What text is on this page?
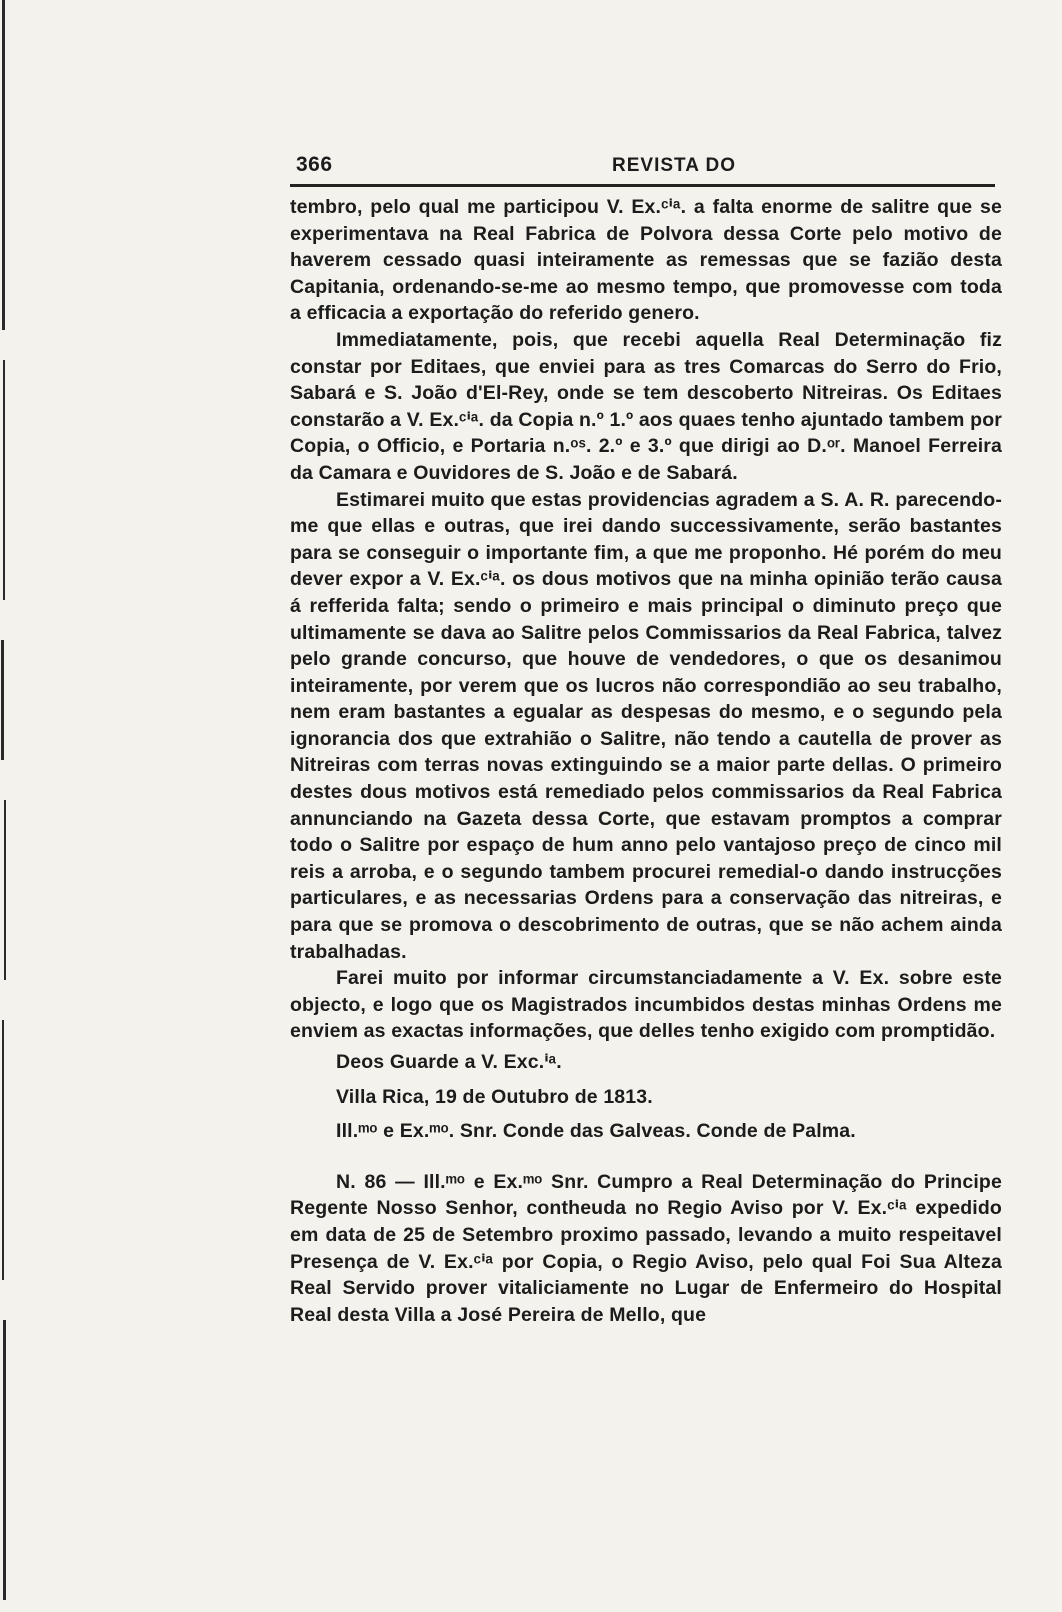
366	REVISTA DO

tembro, pelo qual me participou V. Ex.ᶜⁱᵃ. a falta enorme de salitre que se experimentava na Real Fabrica de Polvora dessa Corte pelo motivo de haverem cessado quasi inteiramente as remessas que se fazião desta Capitania, ordenando-se-me ao mesmo tempo, que promovesse com toda a efficacia a exportação do referido genero.

Immediatamente, pois, que recebi aquella Real Determinação fiz constar por Editaes, que enviei para as tres Comarcas do Serro do Frio, Sabará e S. João d'El-Rey, onde se tem descoberto Nitreiras. Os Editaes constarão a V. Ex.ᶜⁱᵃ. da Copia n.º 1.º aos quaes tenho ajuntado tambem por Copia, o Officio, e Portaria n.ᵒˢ. 2.º e 3.º que dirigi ao D.ᵒʳ. Manoel Ferreira da Camara e Ouvidores de S. João e de Sabará.

Estimarei muito que estas providencias agradem a S. A. R. parecendo-me que ellas e outras, que irei dando successivamente, serão bastantes para se conseguir o importante fim, a que me proponho. Hé porém do meu dever expor a V. Ex.ᶜⁱᵃ. os dous motivos que na minha opinião terão causa á refferida falta; sendo o primeiro e mais principal o diminuto preço que ultimamente se dava ao Salitre pelos Commissarios da Real Fabrica, talvez pelo grande concurso, que houve de vendedores, o que os desanimou inteiramente, por verem que os lucros não correspondião ao seu trabalho, nem eram bastantes a egualar as despesas do mesmo, e o segundo pela ignorancia dos que extrahião o Salitre, não tendo a cautella de prover as Nitreiras com terras novas extinguindo se a maior parte dellas. O primeiro destes dous motivos está remediado pelos commissarios da Real Fabrica annunciando na Gazeta dessa Corte, que estavam promptos a comprar todo o Salitre por espaço de hum anno pelo vantajoso preço de cinco mil reis a arroba, e o segundo tambem procurei remedial-o dando instrucções particulares, e as necessarias Ordens para a conservação das nitreiras, e para que se promova o descobrimento de outras, que se não achem ainda trabalhadas.

Farei muito por informar circumstanciadamente a V. Ex. sobre este objecto, e logo que os Magistrados incumbidos destas minhas Ordens me enviem as exactas informações, que delles tenho exigido com promptidão.

Deos Guarde a V. Exc.ⁱᵃ.

Villa Rica, 19 de Outubro de 1813.

Ill.ᵐᵒ e Ex.ᵐᵒ. Snr. Conde das Galveas. Conde de Palma.

N. 86 — Ill.ᵐᵒ e Ex.ᵐᵒ Snr. Cumpro a Real Determinação do Principe Regente Nosso Senhor, contheuda no Regio Aviso por V. Ex.ᶜⁱᵃ expedido em data de 25 de Setembro proximo passado, levando a muito respeitavel Presença de V. Ex.ᶜⁱᵃ por Copia, o Regio Aviso, pelo qual Foi Sua Alteza Real Servido prover vitaliciamente no Lugar de Enfermeiro do Hospital Real desta Villa a José Pereira de Mello, que
